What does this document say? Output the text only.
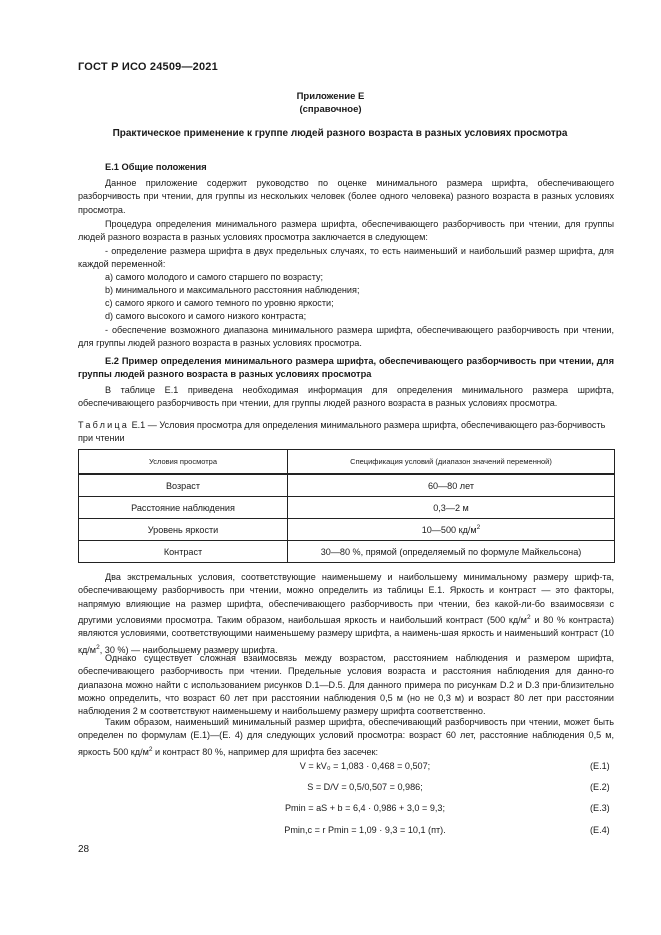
ГОСТ Р ИСО 24509—2021
Приложение Е
(справочное)
Практическое применение к группе людей разного возраста в разных условиях просмотра
Е.1 Общие положения
Данное приложение содержит руководство по оценке минимального размера шрифта, обеспечивающего разборчивость при чтении, для группы из нескольких человек (более одного человека) разного возраста в разных условиях просмотра.
Процедура определения минимального размера шрифта, обеспечивающего разборчивость при чтении, для группы людей разного возраста в разных условиях просмотра заключается в следующем:
- определение размера шрифта в двух предельных случаях, то есть наименьший и наибольший размер шрифта, для каждой переменной:
a) самого молодого и самого старшего по возрасту;
b) минимального и максимального расстояния наблюдения;
c) самого яркого и самого темного по уровню яркости;
d) самого высокого и самого низкого контраста;
- обеспечение возможного диапазона минимального размера шрифта, обеспечивающего разборчивость при чтении, для группы людей разного возраста в разных условиях просмотра.
Е.2 Пример определения минимального размера шрифта, обеспечивающего разборчивость при чтении, для группы людей разного возраста в разных условиях просмотра
В таблице Е.1 приведена необходимая информация для определения минимального размера шрифта, обеспечивающего разборчивость при чтении, для группы людей разного возраста в разных условиях просмотра.
Таблица Е.1 — Условия просмотра для определения минимального размера шрифта, обеспечивающего раз-борчивость при чтении
Условия просмотра	Спецификация условий (диапазон значений переменной)
Возраст	60—80 лет
Расстояние наблюдения	0,3—2 м
Уровень яркости	10—500 $кд/м^2$
Контраст	30—80 %, прямой (определяемый по формуле Майкельсона)
Два экстремальных условия, соответствующие наименьшему и наибольшему минимальному размеру шриф-та, обеспечивающему разборчивость при чтении, можно определить из таблицы Е.1. Яркость и контраст — это факторы, напрямую влияющие на размер шрифта, обеспечивающего разборчивость при чтении, без какой-ли-бо взаимосвязи с другими условиями просмотра. Таким образом, наибольшая яркость и наибольший контраст (500 $кд/м^2$ и 80 % контраста) являются условиями, соответствующими наименьшему размеру шрифта, а наимень-шая яркость и наименьший контраст (10 $кд/м^2$, 30 %) — наибольшему размеру шрифта.
Однако существует сложная взаимосвязь между возрастом, расстоянием наблюдения и размером шрифта, обеспечивающего разборчивость при чтении. Предельные условия возраста и расстояния наблюдения для данно-го диапазона можно найти с использованием рисунков D.1—D.5. Для данного примера по рисункам D.2 и D.3 при-близительно можно определить, что возраст 60 лет при расстоянии наблюдения 0,5 м (но не 0,3 м) и возраст 80 лет при расстоянии наблюдения 2 м соответствуют наименьшему и наибольшему размеру шрифта соответственно.
Таким образом, наименьший минимальный размер шрифта, обеспечивающий разборчивость при чтении, может быть определен по формулам (Е.1)—(Е. 4) для следующих условий просмотра: возраст 60 лет, расстояние наблюдения 0,5 м, яркость 500 $кд/м^2$ и контраст 80 %, например для шрифта без засечек:
V = kV₀ = 1,083 · 0,468 = 0,507;	(Е.1)
S = D/V = 0,5/0,507 = 0,986;	(Е.2)
Pmin = aS + b = 6,4 · 0,986 + 3,0 = 9,3;	(Е.3)
Pmin,c = r Pmin = 1,09 · 9,3 = 10,1 (пт).	(Е.4)
28
